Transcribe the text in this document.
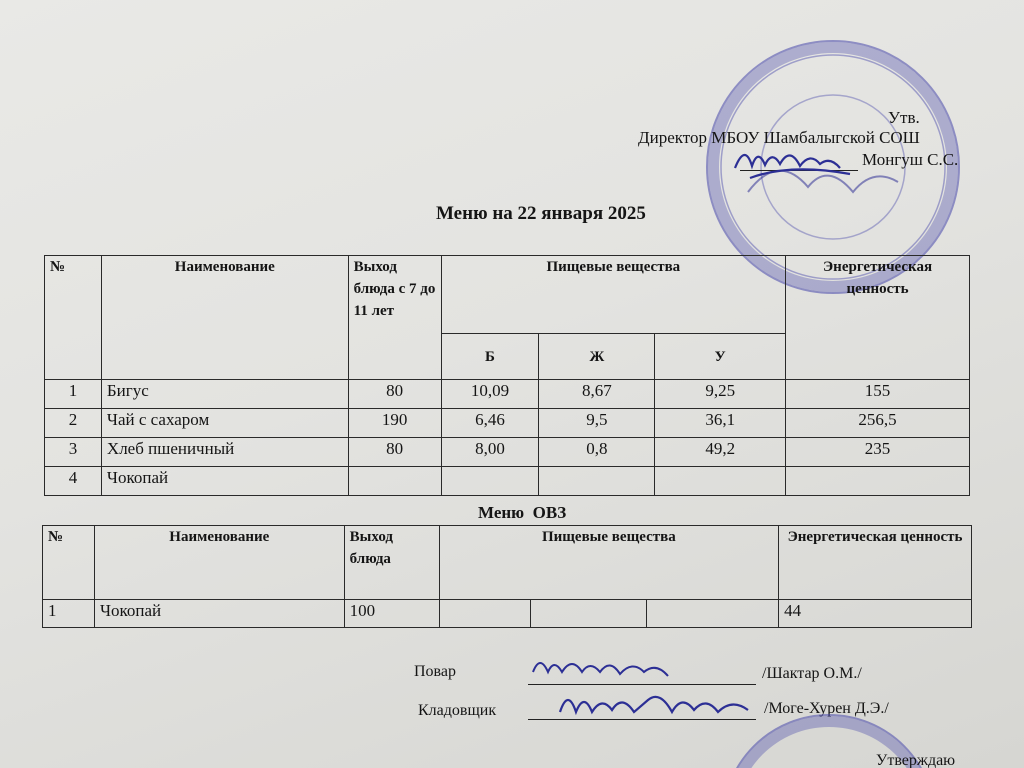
Утв.
Директор МБОУ Шамбалыгской СОШ
Монгуш С.С.
Меню на 22 января 2025
№	Наименование	Выход блюда с 7 до 11 лет	Пищевые вещества			Энергетическая ценность
			Б	Ж	У	
1	Бигус	80	10,09	8,67	9,25	155
2	Чай с сахаром	190	6,46	9,5	36,1	256,5
3	Хлеб пшеничный	80	8,00	0,8	49,2	235
4	Чокопай					
Меню  ОВЗ
№	Наименование	Выход блюда	Пищевые вещества			Энергетическая ценность
1	Чокопай	100				44
Повар	/Шактар О.М./
Кладовщик	/Моге-Хурен Д.Э./
Утверждаю
